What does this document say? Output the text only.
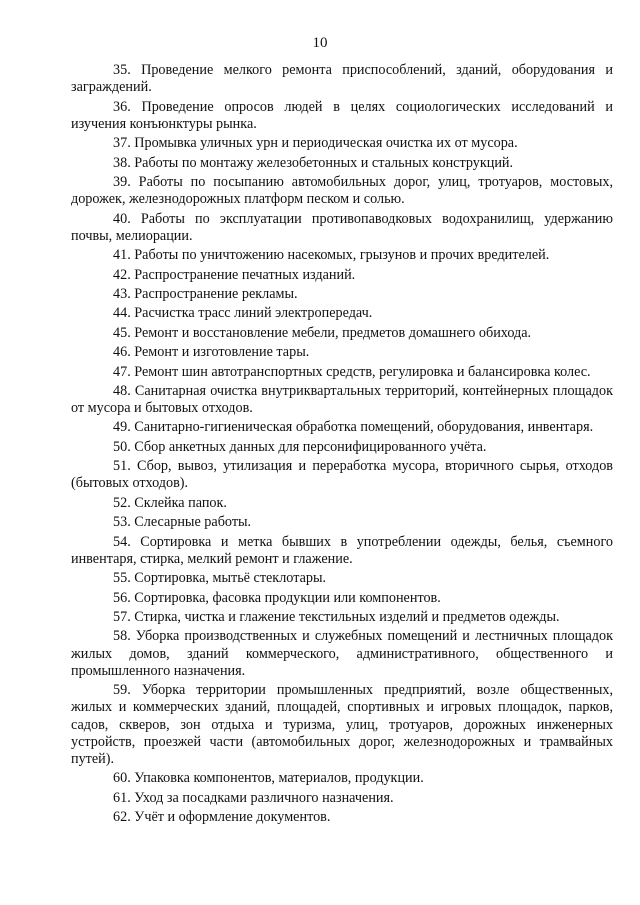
10

35. Проведение мелкого ремонта приспособлений, зданий, оборудования и заграждений.

36. Проведение опросов людей в целях социологических исследований и изучения конъюнктуры рынка.

37. Промывка уличных урн и периодическая очистка их от мусора.

38. Работы по монтажу железобетонных и стальных конструкций.

39. Работы по посыпанию автомобильных дорог, улиц, тротуаров, мостовых, дорожек, железнодорожных платформ песком и солью.

40. Работы по эксплуатации противопаводковых водохранилищ, удержанию почвы, мелиорации.

41. Работы по уничтожению насекомых, грызунов и прочих вредителей.

42. Распространение печатных изданий.

43. Распространение рекламы.

44. Расчистка трасс линий электропередач.

45. Ремонт и восстановление мебели, предметов домашнего обихода.

46. Ремонт и изготовление тары.

47. Ремонт шин автотранспортных средств, регулировка и балансировка колес.

48. Санитарная очистка внутриквартальных территорий, контейнерных площадок от мусора и бытовых отходов.

49. Санитарно-гигиеническая обработка помещений, оборудования, инвентаря.

50. Сбор анкетных данных для персонифицированного учёта.

51. Сбор, вывоз, утилизация и переработка мусора, вторичного сырья, отходов (бытовых отходов).

52. Склейка папок.

53. Слесарные работы.

54. Сортировка и метка бывших в употреблении одежды, белья, съемного инвентаря, стирка, мелкий ремонт и глажение.

55. Сортировка, мытьё стеклотары.

56. Сортировка, фасовка продукции или компонентов.

57. Стирка, чистка и глажение текстильных изделий и предметов одежды.

58. Уборка производственных и служебных помещений и лестничных площадок жилых домов, зданий коммерческого, административного, общественного и промышленного назначения.

59. Уборка территории промышленных предприятий, возле общественных, жилых и коммерческих зданий, площадей, спортивных и игровых площадок, парков, садов, скверов, зон отдыха и туризма, улиц, тротуаров, дорожных инженерных устройств, проезжей части (автомобильных дорог, железнодорожных и трамвайных путей).

60. Упаковка компонентов, материалов, продукции.

61. Уход за посадками различного назначения.

62. Учёт и оформление документов.
